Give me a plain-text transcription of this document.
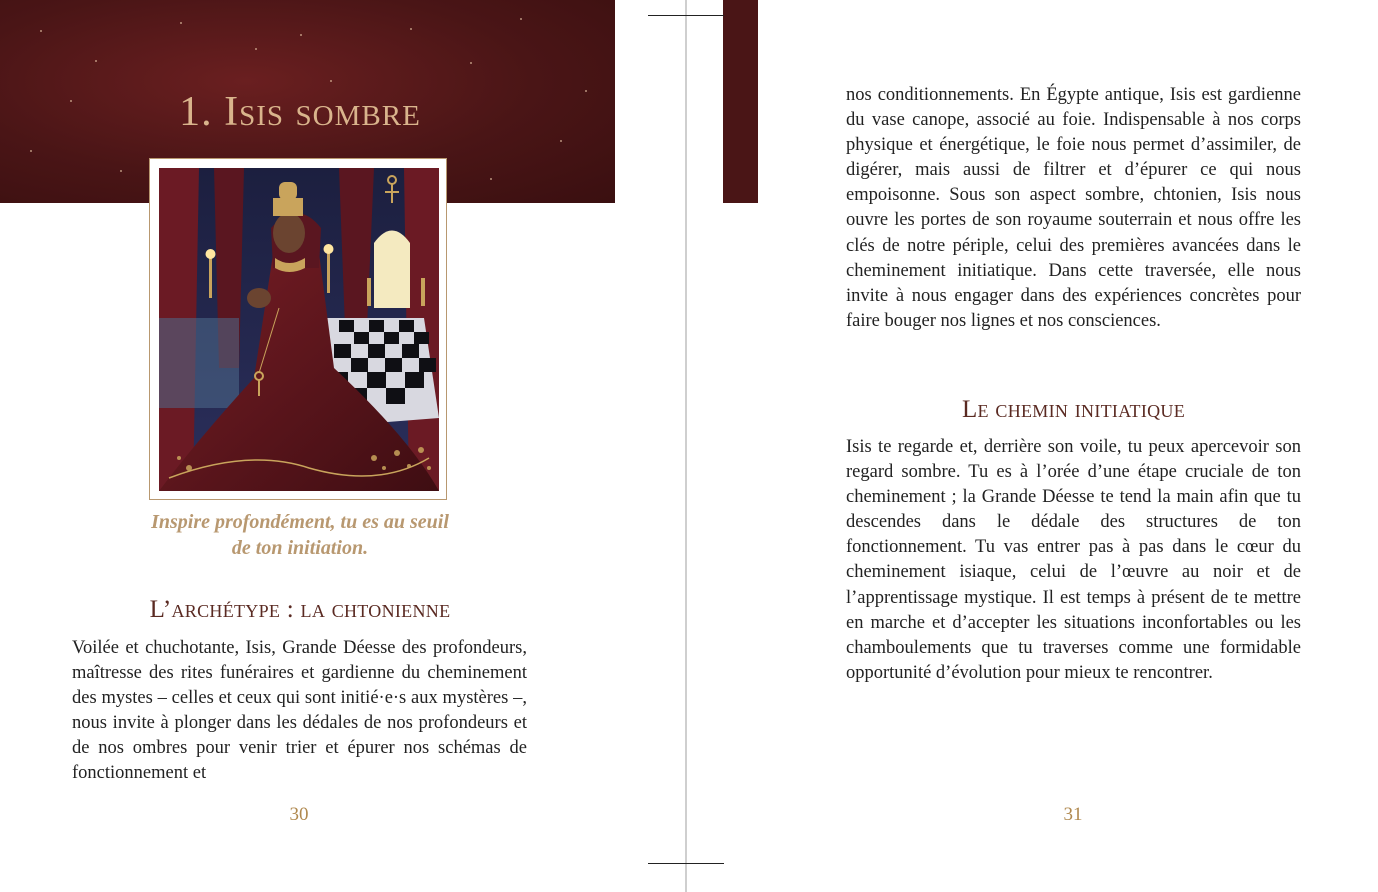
1. Isis sombre

Inspire profondément, tu es au seuil
de ton initiation.

L’archétype : la chtonienne

Voilée et chuchotante, Isis, Grande Déesse des profondeurs, maîtresse des rites funéraires et gardienne du cheminement des mystes – celles et ceux qui sont initié·e·s aux mystères –, nous invite à plonger dans les dédales de nos profondeurs et de nos ombres pour venir trier et épurer nos schémas de fonctionnement et

30

nos conditionnements. En Égypte antique, Isis est gardienne du vase canope, associé au foie. Indispensable à nos corps physique et énergétique, le foie nous permet d’assimiler, de digérer, mais aussi de filtrer et d’épurer ce qui nous empoisonne. Sous son aspect sombre, chtonien, Isis nous ouvre les portes de son royaume souterrain et nous offre les clés de notre périple, celui des premières avancées dans le cheminement initiatique. Dans cette traversée, elle nous invite à nous engager dans des expériences concrètes pour faire bouger nos lignes et nos consciences.

Le chemin initiatique

Isis te regarde et, derrière son voile, tu peux apercevoir son regard sombre. Tu es à l’orée d’une étape cruciale de ton cheminement ; la Grande Déesse te tend la main afin que tu descendes dans le dédale des structures de ton fonctionnement. Tu vas entrer pas à pas dans le cœur du cheminement isiaque, celui de l’œuvre au noir et de l’apprentissage mystique. Il est temps à présent de te mettre en marche et d’accepter les situations inconfortables ou les chamboulements que tu traverses comme une formidable opportunité d’évolution pour mieux te rencontrer.

31
